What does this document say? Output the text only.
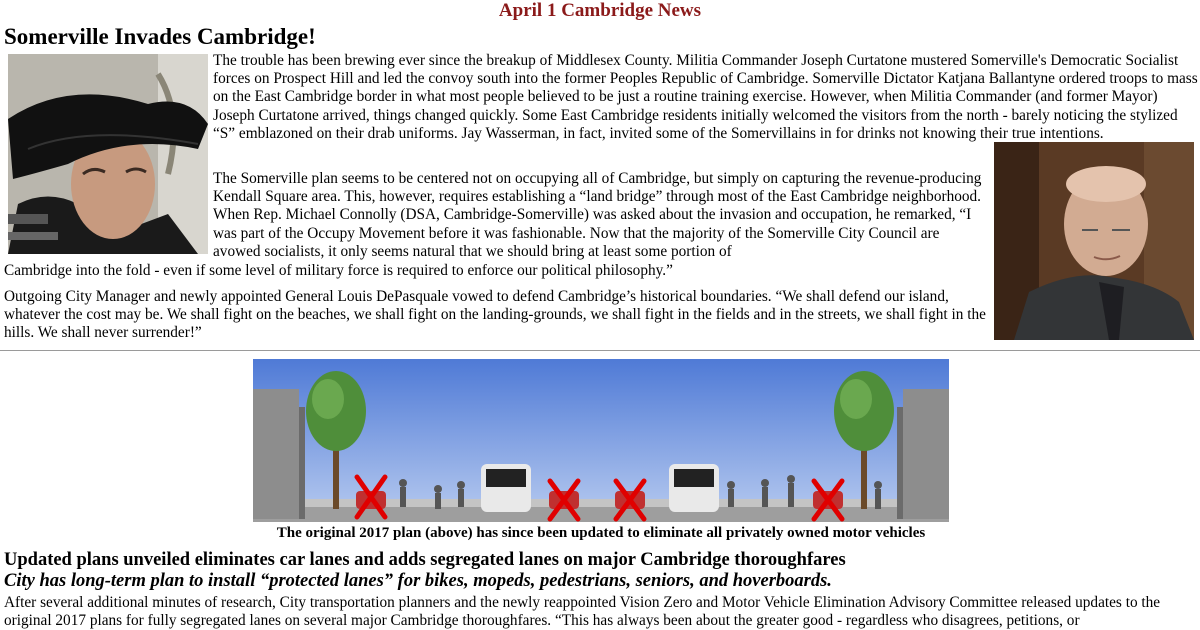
April 1 Cambridge News
Somerville Invades Cambridge!

The trouble has been brewing ever since the breakup of Middlesex County. Militia Commander Joseph Curtatone mustered Somerville's Democratic Socialist forces on Prospect Hill and led the convoy south into the former Peoples Republic of Cambridge. Somerville Dictator Katjana Ballantyne ordered troops to mass on the East Cambridge border in what most people believed to be just a routine training exercise. However, when Militia Commander (and former Mayor) Joseph Curtatone arrived, things changed quickly. Some East Cambridge residents initially welcomed the visitors from the north - barely noticing the stylized “S” emblazoned on their drab uniforms. Jay Wasserman, in fact, invited some of the Somervillains in for drinks not knowing their true intentions.

The Somerville plan seems to be centered not on occupying all of Cambridge, but simply on capturing the revenue-producing Kendall Square area. This, however, requires establishing a “land bridge” through most of the East Cambridge neighborhood. When Rep. Michael Connolly (DSA, Cambridge-Somerville) was asked about the invasion and occupation, he remarked, “I was part of the Occupy Movement before it was fashionable. Now that the majority of the Somerville City Council are avowed socialists, it only seems natural that we should bring at least some portion of

Cambridge into the fold - even if some level of military force is required to enforce our political philosophy.”

Outgoing City Manager and newly appointed General Louis DePasquale vowed to defend Cambridge’s historical boundaries. “We shall defend our island, whatever the cost may be. We shall fight on the beaches, we shall fight on the landing-grounds, we shall fight in the fields and in the streets, we shall fight in the hills. We shall never surrender!”

The original 2017 plan (above) has since been updated to eliminate all privately owned motor vehicles
Updated plans unveiled eliminates car lanes and adds segregated lanes on major Cambridge thoroughfares
City has long-term plan to install “protected lanes” for bikes, mopeds, pedestrians, seniors, and hoverboards.

After several additional minutes of research, City transportation planners and the newly reappointed Vision Zero and Motor Vehicle Elimination Advisory Committee released updates to the original 2017 plans for fully segregated lanes on several major Cambridge thoroughfares. “This has always been about the greater good - regardless who disagrees, petitions, or
